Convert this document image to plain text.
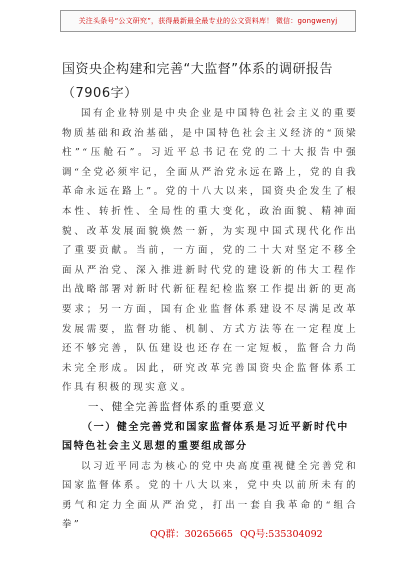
关注头条号“公文研究”，获得最新最全最专业的公文资料库！ 微信：gongwenyj
国资央企构建和完善“大监督”体系的调研报告（7906字）

国有企业特别是中央企业是中国特色社会主义的重要物质基础和政治基础，是中国特色社会主义经济的“顶梁柱”“压舱石”。习近平总书记在党的二十大报告中强调“全党必须牢记，全面从严治党永远在路上，党的自我革命永远在路上”。党的十八大以来，国资央企发生了根本性、转折性、全局性的重大变化，政治面貌、精神面貌、改革发展面貌焕然一新，为实现中国式现代化作出了重要贡献。当前，一方面，党的二十大对坚定不移全面从严治党、深入推进新时代党的建设新的伟大工程作出战略部署对新时代新征程纪检监察工作提出新的更高要求；另一方面，国有企业监督体系建设不尽满足改革发展需要，监督功能、机制、方式方法等在一定程度上还不够完善，队伍建设也还存在一定短板，监督合力尚未完全形成。因此，研究改革完善国资央企监督体系工作具有积极的现实意义。

一、健全完善监督体系的重要意义

（一）健全完善党和国家监督体系是习近平新时代中国特色社会主义思想的重要组成部分

以习近平同志为核心的党中央高度重视健全完善党和国家监督体系。党的十八大以来，党中央以前所未有的勇气和定力全面从严治党，打出一套自我革命的“组合拳”

QQ群：30265665 QQ号:535304092
